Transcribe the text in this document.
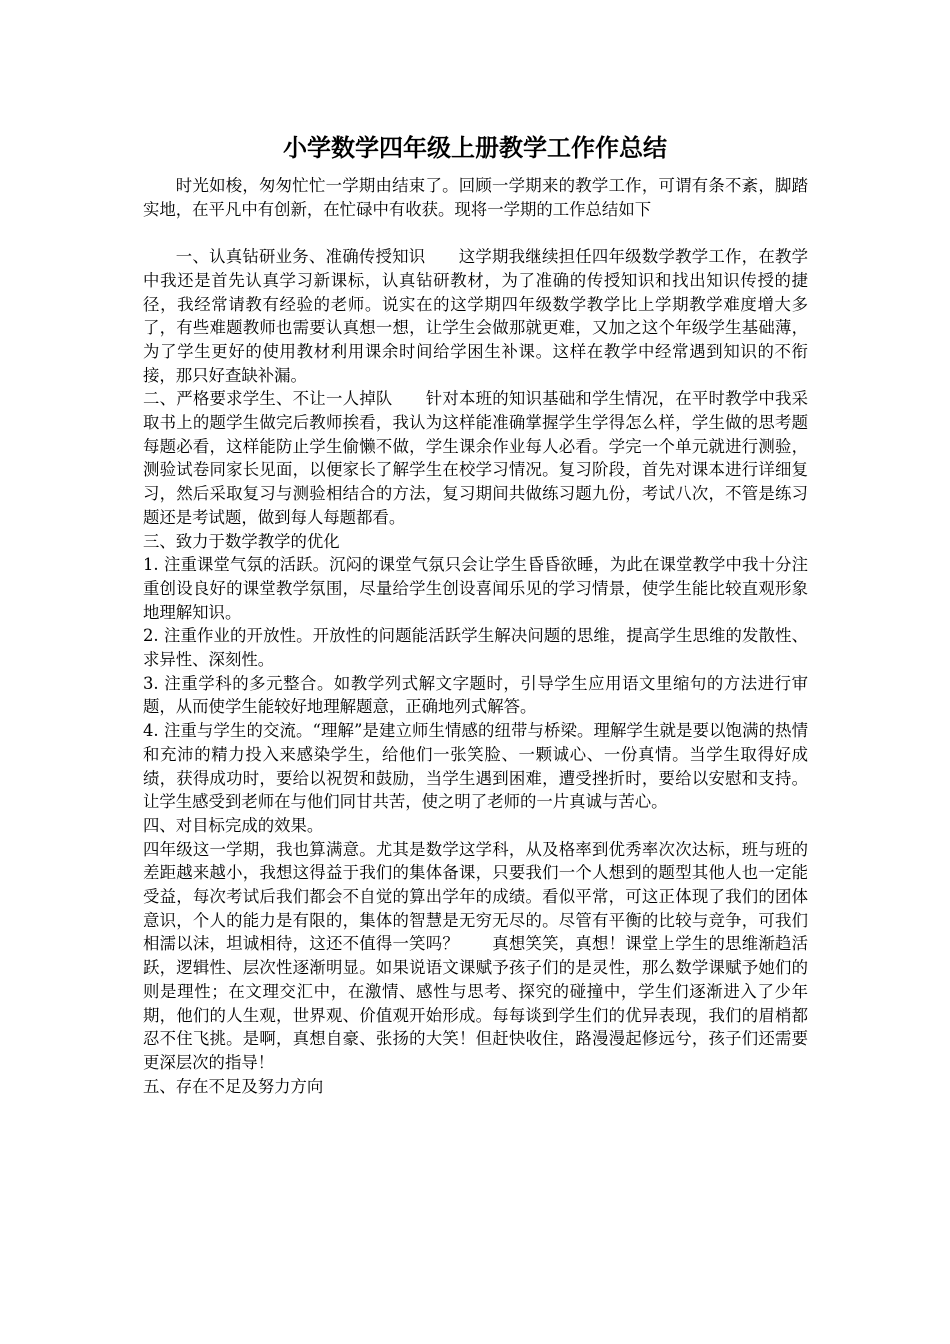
小学数学四年级上册教学工作作总结

时光如梭，匆匆忙忙一学期由结束了。回顾一学期来的教学工作，可谓有条不紊，脚踏实地，在平凡中有创新，在忙碌中有收获。现将一学期的工作总结如下

一、认真钻研业务、准确传授知识　　这学期我继续担任四年级数学教学工作，在教学中我还是首先认真学习新课标，认真钻研教材，为了准确的传授知识和找出知识传授的捷径，我经常请教有经验的老师。说实在的这学期四年级数学教学比上学期教学难度增大多了，有些难题教师也需要认真想一想，让学生会做那就更难，又加之这个年级学生基础薄，为了学生更好的使用教材利用课余时间给学困生补课。这样在教学中经常遇到知识的不衔接，那只好查缺补漏。

二、严格要求学生、不让一人掉队　　针对本班的知识基础和学生情况，在平时教学中我采取书上的题学生做完后教师挨看，我认为这样能准确掌握学生学得怎么样，学生做的思考题每题必看，这样能防止学生偷懒不做，学生课余作业每人必看。学完一个单元就进行测验，测验试卷同家长见面，以便家长了解学生在校学习情况。复习阶段，首先对课本进行详细复习，然后采取复习与测验相结合的方法，复习期间共做练习题九份，考试八次，不管是练习题还是考试题，做到每人每题都看。

三、致力于数学教学的优化

1. 注重课堂气氛的活跃。沉闷的课堂气氛只会让学生昏昏欲睡，为此在课堂教学中我十分注重创设良好的课堂教学氛围，尽量给学生创设喜闻乐见的学习情景，使学生能比较直观形象地理解知识。

2. 注重作业的开放性。开放性的问题能活跃学生解决问题的思维，提高学生思维的发散性、求异性、深刻性。

3. 注重学科的多元整合。如教学列式解文字题时，引导学生应用语文里缩句的方法进行审题，从而使学生能较好地理解题意，正确地列式解答。

4. 注重与学生的交流。“理解”是建立师生情感的纽带与桥梁。理解学生就是要以饱满的热情和充沛的精力投入来感染学生，给他们一张笑脸、一颗诚心、一份真情。当学生取得好成绩，获得成功时，要给以祝贺和鼓励，当学生遇到困难，遭受挫折时，要给以安慰和支持。让学生感受到老师在与他们同甘共苦，使之明了老师的一片真诚与苦心。

四、对目标完成的效果。

四年级这一学期，我也算满意。尤其是数学这学科，从及格率到优秀率次次达标，班与班的差距越来越小，我想这得益于我们的集体备课，只要我们一个人想到的题型其他人也一定能受益，每次考试后我们都会不自觉的算出学年的成绩。看似平常，可这正体现了我们的团体意识，个人的能力是有限的，集体的智慧是无穷无尽的。尽管有平衡的比较与竞争，可我们相濡以沫，坦诚相待，这还不值得一笑吗？　　真想笑笑，真想！课堂上学生的思维渐趋活跃，逻辑性、层次性逐渐明显。如果说语文课赋予孩子们的是灵性，那么数学课赋予她们的则是理性；在文理交汇中，在激情、感性与思考、探究的碰撞中，学生们逐渐进入了少年期，他们的人生观，世界观、价值观开始形成。每每谈到学生们的优异表现，我们的眉梢都忍不住飞挑。是啊，真想自豪、张扬的大笑！但赶快收住，路漫漫起修远兮，孩子们还需要更深层次的指导！

五、存在不足及努力方向
